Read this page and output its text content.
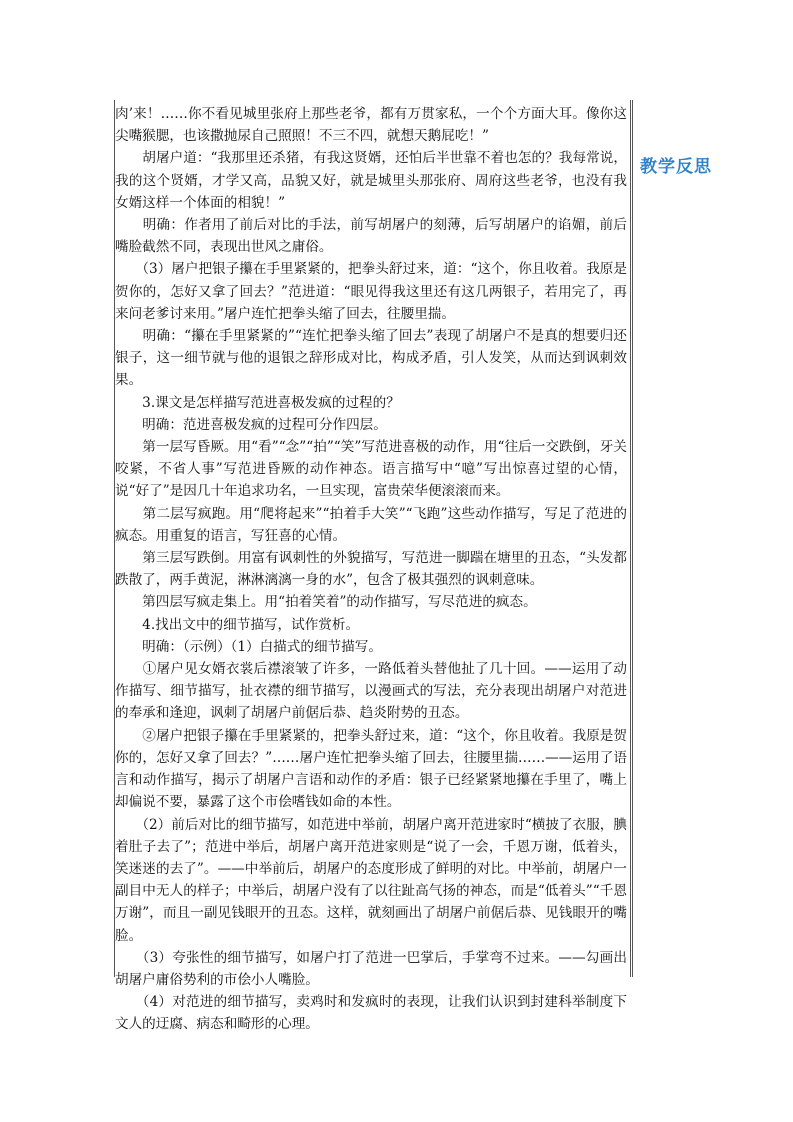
肉’来！……你不看见城里张府上那些老爷，都有万贯家私，一个个方面大耳。像你这尖嘴猴腮，也该撒抛尿自己照照！不三不四，就想天鹅屁吃！”

　　胡屠户道：“我那里还杀猪，有我这贤婿，还怕后半世靠不着也怎的？我每常说，我的这个贤婿，才学又高，品貌又好，就是城里头那张府、周府这些老爷，也没有我女婿这样一个体面的相貌！”

　　明确：作者用了前后对比的手法，前写胡屠户的刻薄，后写胡屠户的谄媚，前后嘴脸截然不同，表现出世风之庸俗。

　　（3）屠户把银子攥在手里紧紧的，把拳头舒过来，道：“这个，你且收着。我原是贺你的，怎好又拿了回去？”范进道：“眼见得我这里还有这几两银子，若用完了，再来问老爹讨来用。”屠户连忙把拳头缩了回去，往腰里揣。

　　明确：“攥在手里紧紧的”“连忙把拳头缩了回去”表现了胡屠户不是真的想要归还银子，这一细节就与他的退银之辞形成对比，构成矛盾，引人发笑，从而达到讽刺效果。

　　3.课文是怎样描写范进喜极发疯的过程的？

　　明确：范进喜极发疯的过程可分作四层。

　　第一层写昏厥。用“看”“念”“拍”“笑”写范进喜极的动作，用“往后一交跌倒，牙关咬紧，不省人事”写范进昏厥的动作神态。语言描写中“噫”写出惊喜过望的心情，说“好了”是因几十年追求功名，一旦实现，富贵荣华便滚滚而来。

　　第二层写疯跑。用“爬将起来”“拍着手大笑”“飞跑”这些动作描写，写足了范进的疯态。用重复的语言，写狂喜的心情。

　　第三层写跌倒。用富有讽刺性的外貌描写，写范进一脚踹在塘里的丑态，“头发都跌散了，两手黄泥，淋淋漓漓一身的水”，包含了极其强烈的讽刺意味。

　　第四层写疯走集上。用“拍着笑着”的动作描写，写尽范进的疯态。

　　4.找出文中的细节描写，试作赏析。

　　明确：（示例）（1）白描式的细节描写。

　　①屠户见女婿衣裳后襟滚皱了许多，一路低着头替他扯了几十回。——运用了动作描写、细节描写，扯衣襟的细节描写，以漫画式的写法，充分表现出胡屠户对范进的奉承和逢迎，讽刺了胡屠户前倨后恭、趋炎附势的丑态。

　　②屠户把银子攥在手里紧紧的，把拳头舒过来，道：“这个，你且收着。我原是贺你的，怎好又拿了回去？”……屠户连忙把拳头缩了回去，往腰里揣……——运用了语言和动作描写，揭示了胡屠户言语和动作的矛盾：银子已经紧紧地攥在手里了，嘴上却偏说不要，暴露了这个市侩嗜钱如命的本性。

　　（2）前后对比的细节描写，如范进中举前，胡屠户离开范进家时“横披了衣服，腆着肚子去了”；范进中举后，胡屠户离开范进家则是“说了一会，千恩万谢，低着头，笑迷迷的去了”。——中举前后，胡屠户的态度形成了鲜明的对比。中举前，胡屠户一副目中无人的样子；中举后，胡屠户没有了以往趾高气扬的神态，而是“低着头”“千恩万谢”，而且一副见钱眼开的丑态。这样，就刻画出了胡屠户前倨后恭、见钱眼开的嘴脸。

　　（3）夸张性的细节描写，如屠户打了范进一巴掌后，手掌弯不过来。——勾画出胡屠户庸俗势利的市侩小人嘴脸。

　　（4）对范进的细节描写，卖鸡时和发疯时的表现，让我们认识到封建科举制度下文人的迂腐、病态和畸形的心理。

教学反思
